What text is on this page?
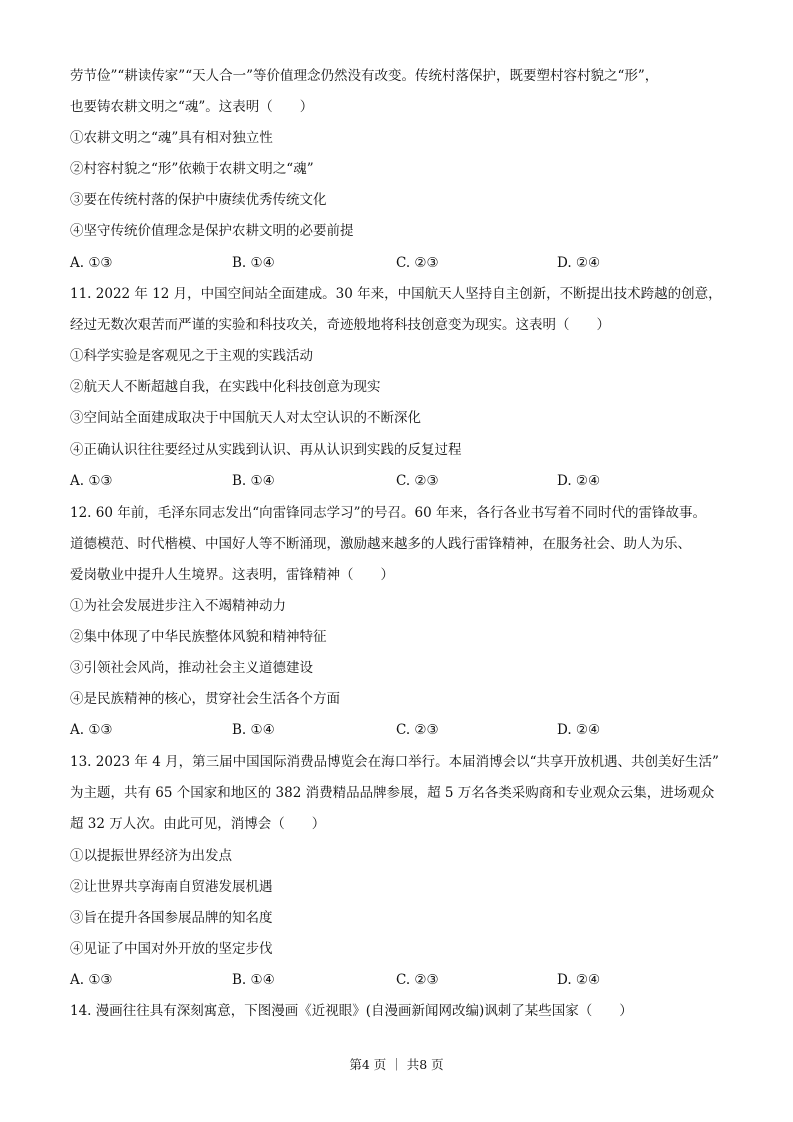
劳节俭”“耕读传家”“天人合一”等价值理念仍然没有改变。传统村落保护，既要塑村容村貌之“形”，
也要铸农耕文明之“魂”。这表明（　　）
①农耕文明之“魂”具有相对独立性
②村容村貌之“形”依赖于农耕文明之“魂”
③要在传统村落的保护中赓续优秀传统文化
④坚守传统价值理念是保护农耕文明的必要前提
A. ①③	B. ①④	C. ②③	D. ②④
11. 2022 年 12 月，中国空间站全面建成。30 年来，中国航天人坚持自主创新，不断提出技术跨越的创意，
经过无数次艰苦而严谨的实验和科技攻关，奇迹般地将科技创意变为现实。这表明（　　）
①科学实验是客观见之于主观的实践活动
②航天人不断超越自我，在实践中化科技创意为现实
③空间站全面建成取决于中国航天人对太空认识的不断深化
④正确认识往往要经过从实践到认识、再从认识到实践的反复过程
A. ①③	B. ①④	C. ②③	D. ②④
12. 60 年前，毛泽东同志发出“向雷锋同志学习”的号召。60 年来，各行各业书写着不同时代的雷锋故事。
道德模范、时代楷模、中国好人等不断涌现，激励越来越多的人践行雷锋精神，在服务社会、助人为乐、
爱岗敬业中提升人生境界。这表明，雷锋精神（　　）
①为社会发展进步注入不竭精神动力
②集中体现了中华民族整体风貌和精神特征
③引领社会风尚，推动社会主义道德建设
④是民族精神的核心，贯穿社会生活各个方面
A. ①③	B. ①④	C. ②③	D. ②④
13. 2023 年 4 月，第三届中国国际消费品博览会在海口举行。本届消博会以“共享开放机遇、共创美好生活”
为主题，共有 65 个国家和地区的 382 消费精品品牌参展，超 5 万名各类采购商和专业观众云集，进场观众
超 32 万人次。由此可见，消博会（　　）
①以提振世界经济为出发点
②让世界共享海南自贸港发展机遇
③旨在提升各国参展品牌的知名度
④见证了中国对外开放的坚定步伐
A. ①③	B. ①④	C. ②③	D. ②④
14. 漫画往往具有深刻寓意，下图漫画《近视眼》(自漫画新闻网改编)讽刺了某些国家（　　）
第4 页 ｜ 共8 页
